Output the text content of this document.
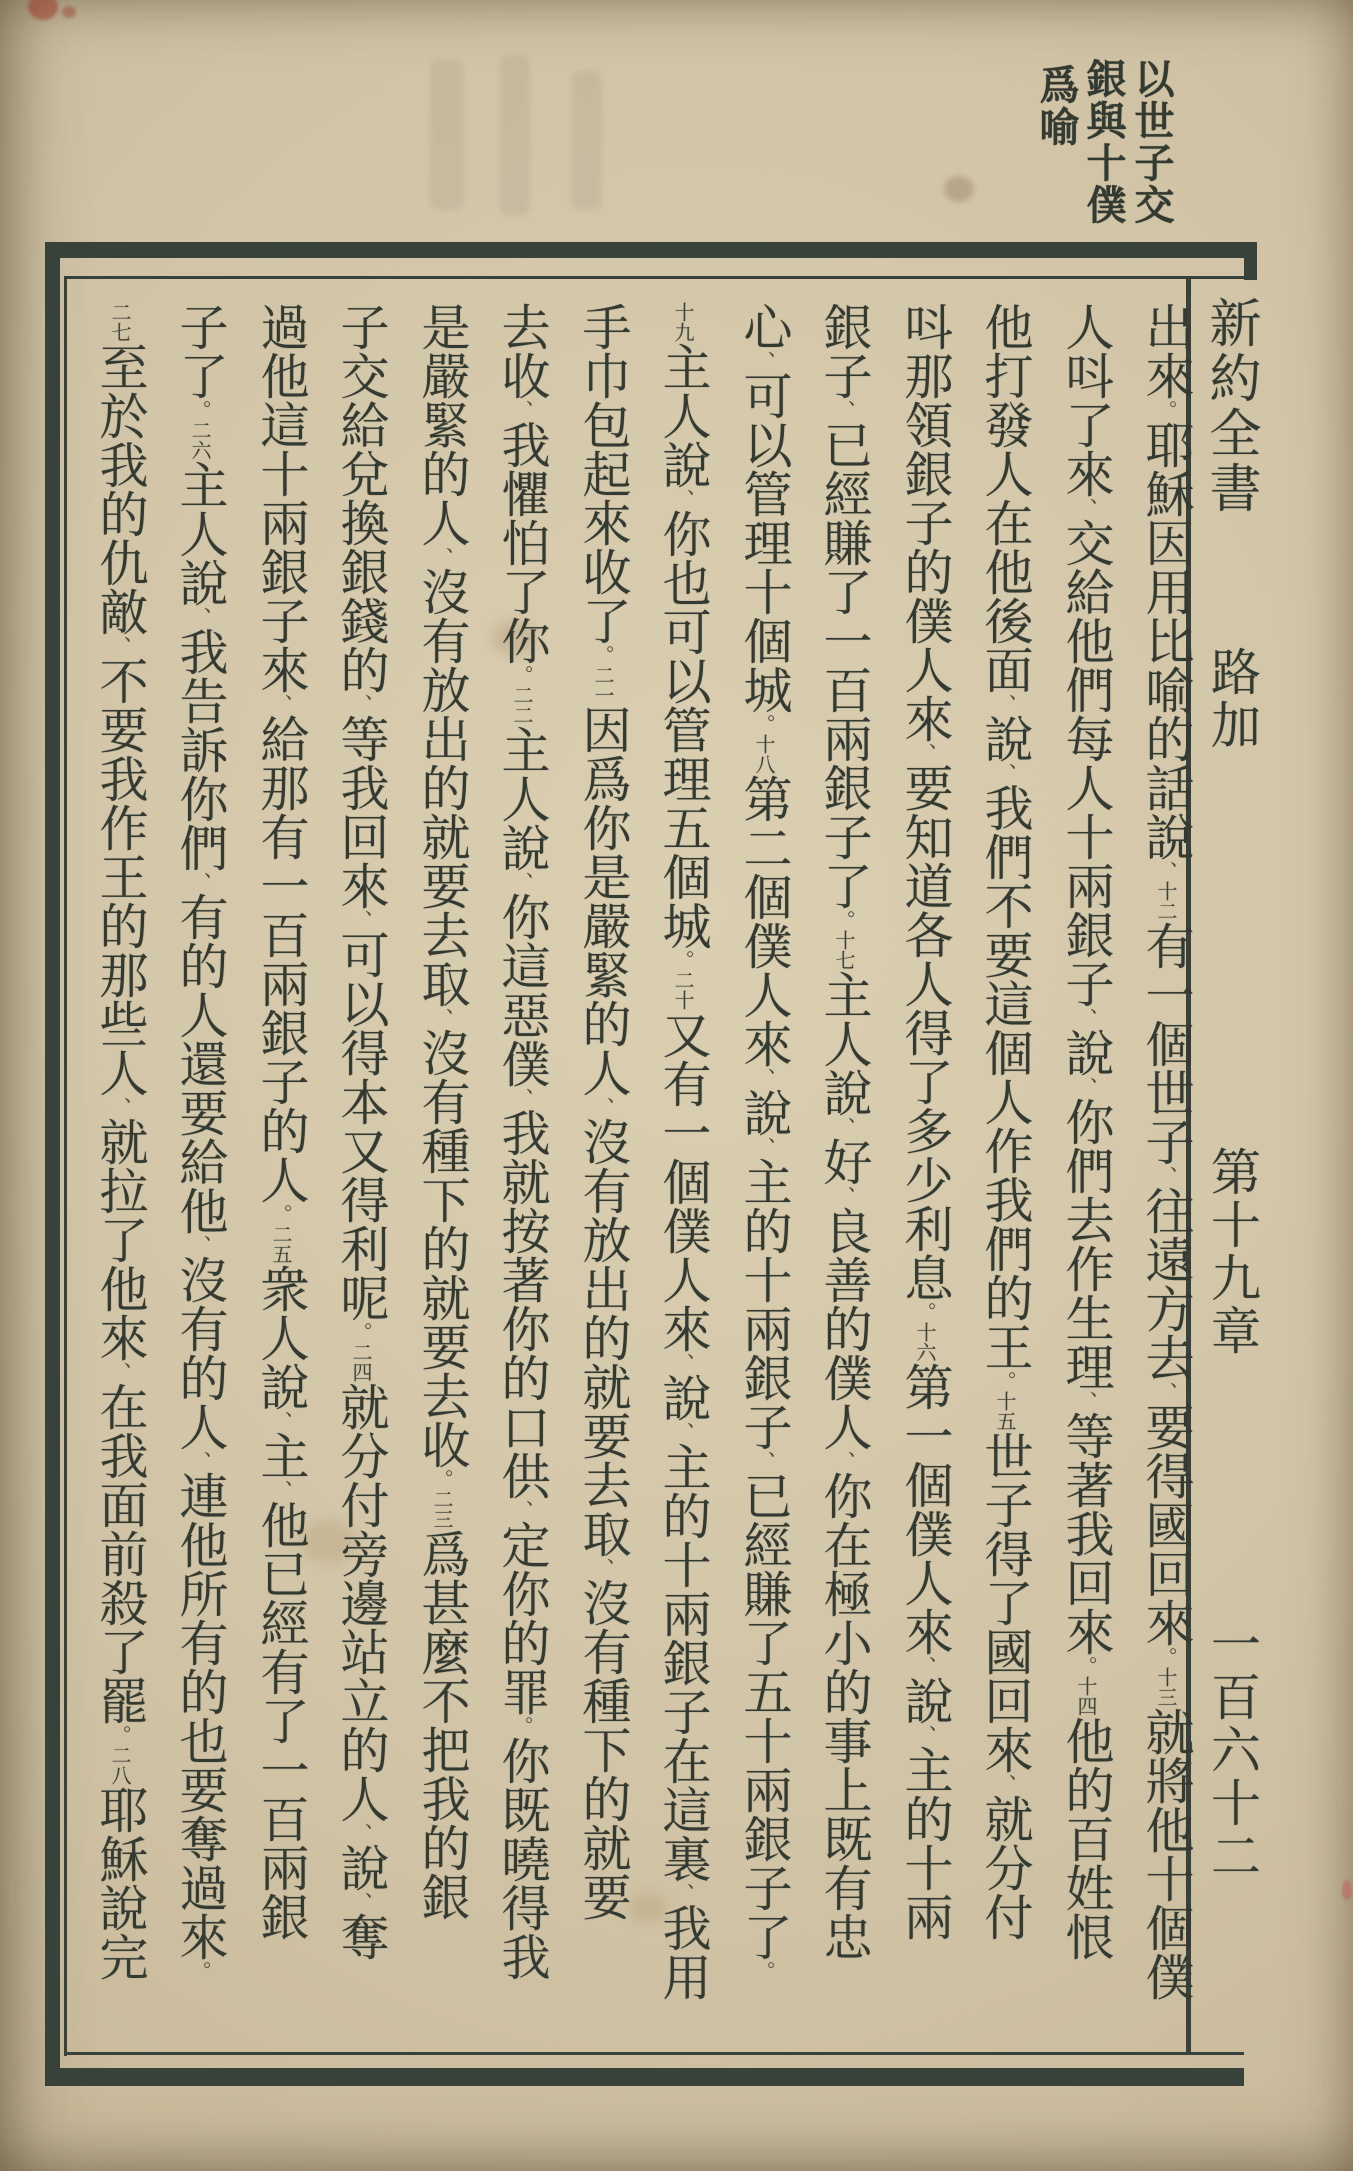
以世子交
銀與十僕
爲喻
新約全書
路加
第十九章
一百六十二
出來。耶穌因用比喻的話說、十二有一個世子、往遠方去、要得國回來。十三就將他十個僕
人呌了來、交給他們每人十兩銀子、說、你們去作生理、等著我回來。十四他的百姓恨
他打發人在他後面、說、我們不要這個人作我們的王。十五世子得了國回來、就分付
呌那領銀子的僕人來、要知道各人得了多少利息。十六第一個僕人來、說、主的十兩
銀子、已經賺了一百兩銀子了。十七主人說、好、良善的僕人、你在極小的事上既有忠
心、可以管理十個城。十八第二個僕人來、說、主的十兩銀子、已經賺了五十兩銀子了。
十九主人說、你也可以管理五個城。二十又有一個僕人來、說、主的十兩銀子在這裏、我用
手巾包起來收了。二一因爲你是嚴緊的人、沒有放出的就要去取、沒有種下的就要
去收、我懼怕了你。二二主人說、你這惡僕、我就按著你的口供、定你的罪。你既曉得我
是嚴緊的人、沒有放出的就要去取、沒有種下的就要去收。二三爲甚麼不把我的銀
子交給兌換銀錢的、等我回來、可以得本又得利呢。二四就分付旁邊站立的人、說、奪
過他這十兩銀子來、給那有一百兩銀子的人。二五衆人說、主、他已經有了一百兩銀
子了。二六主人說、我告訴你們、有的人還要給他、沒有的人、連他所有的也要奪過來。
二七至於我的仇敵、不要我作王的那些人、就拉了他來、在我面前殺了罷。二八耶穌說完
